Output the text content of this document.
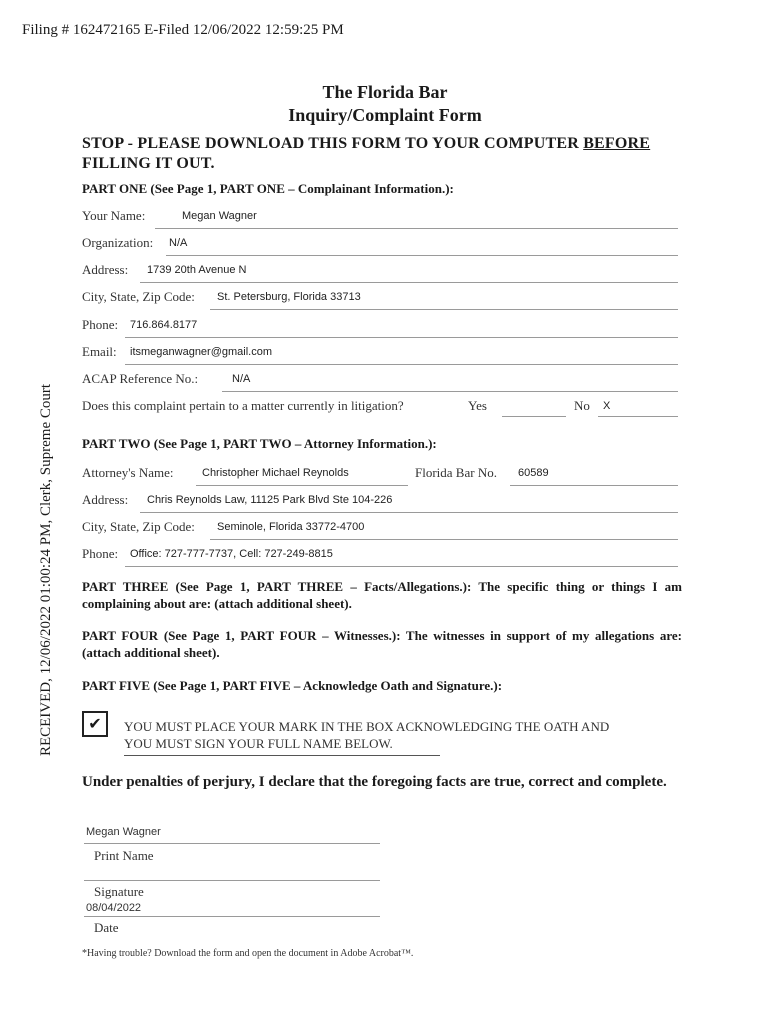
Filing # 162472165 E-Filed 12/06/2022 12:59:25 PM
RECEIVED, 12/06/2022 01:00:24 PM, Clerk, Supreme Court
The Florida Bar
Inquiry/Complaint Form
STOP - PLEASE DOWNLOAD THIS FORM TO YOUR COMPUTER BEFORE
FILLING IT OUT.
PART ONE (See Page 1, PART ONE – Complainant Information.):
Your Name:	Megan Wagner
Organization: N/A
Address: 1739 20th Avenue N
City, State, Zip Code: St. Petersburg, Florida 33713
Phone: 716.864.8177
Email: itsmeganwagner@gmail.com
ACAP Reference No.:	N/A
Does this complaint pertain to a matter currently in litigation?	Yes	No X
PART TWO (See Page 1, PART TWO – Attorney Information.):
Attorney's Name:	Christopher Michael Reynolds	Florida Bar No. 60589
Address: Chris Reynolds Law, 11125 Park Blvd Ste 104-226
City, State, Zip Code: Seminole, Florida 33772-4700
Phone: Office: 727-777-7737, Cell: 727-249-8815
PART THREE (See Page 1, PART THREE – Facts/Allegations.): The specific thing or things I am complaining about are: (attach additional sheet).
PART FOUR (See Page 1, PART FOUR – Witnesses.): The witnesses in support of my allegations are: (attach additional sheet).
PART FIVE (See Page 1, PART FIVE – Acknowledge Oath and Signature.):
✔	YOU MUST PLACE YOUR MARK IN THE BOX ACKNOWLEDGING THE OATH AND
YOU MUST SIGN YOUR FULL NAME BELOW.
Under penalties of perjury, I declare that the foregoing facts are true, correct and complete.
Megan Wagner
Print Name
Signature
08/04/2022
Date
*Having trouble? Download the form and open the document in Adobe Acrobat™.
